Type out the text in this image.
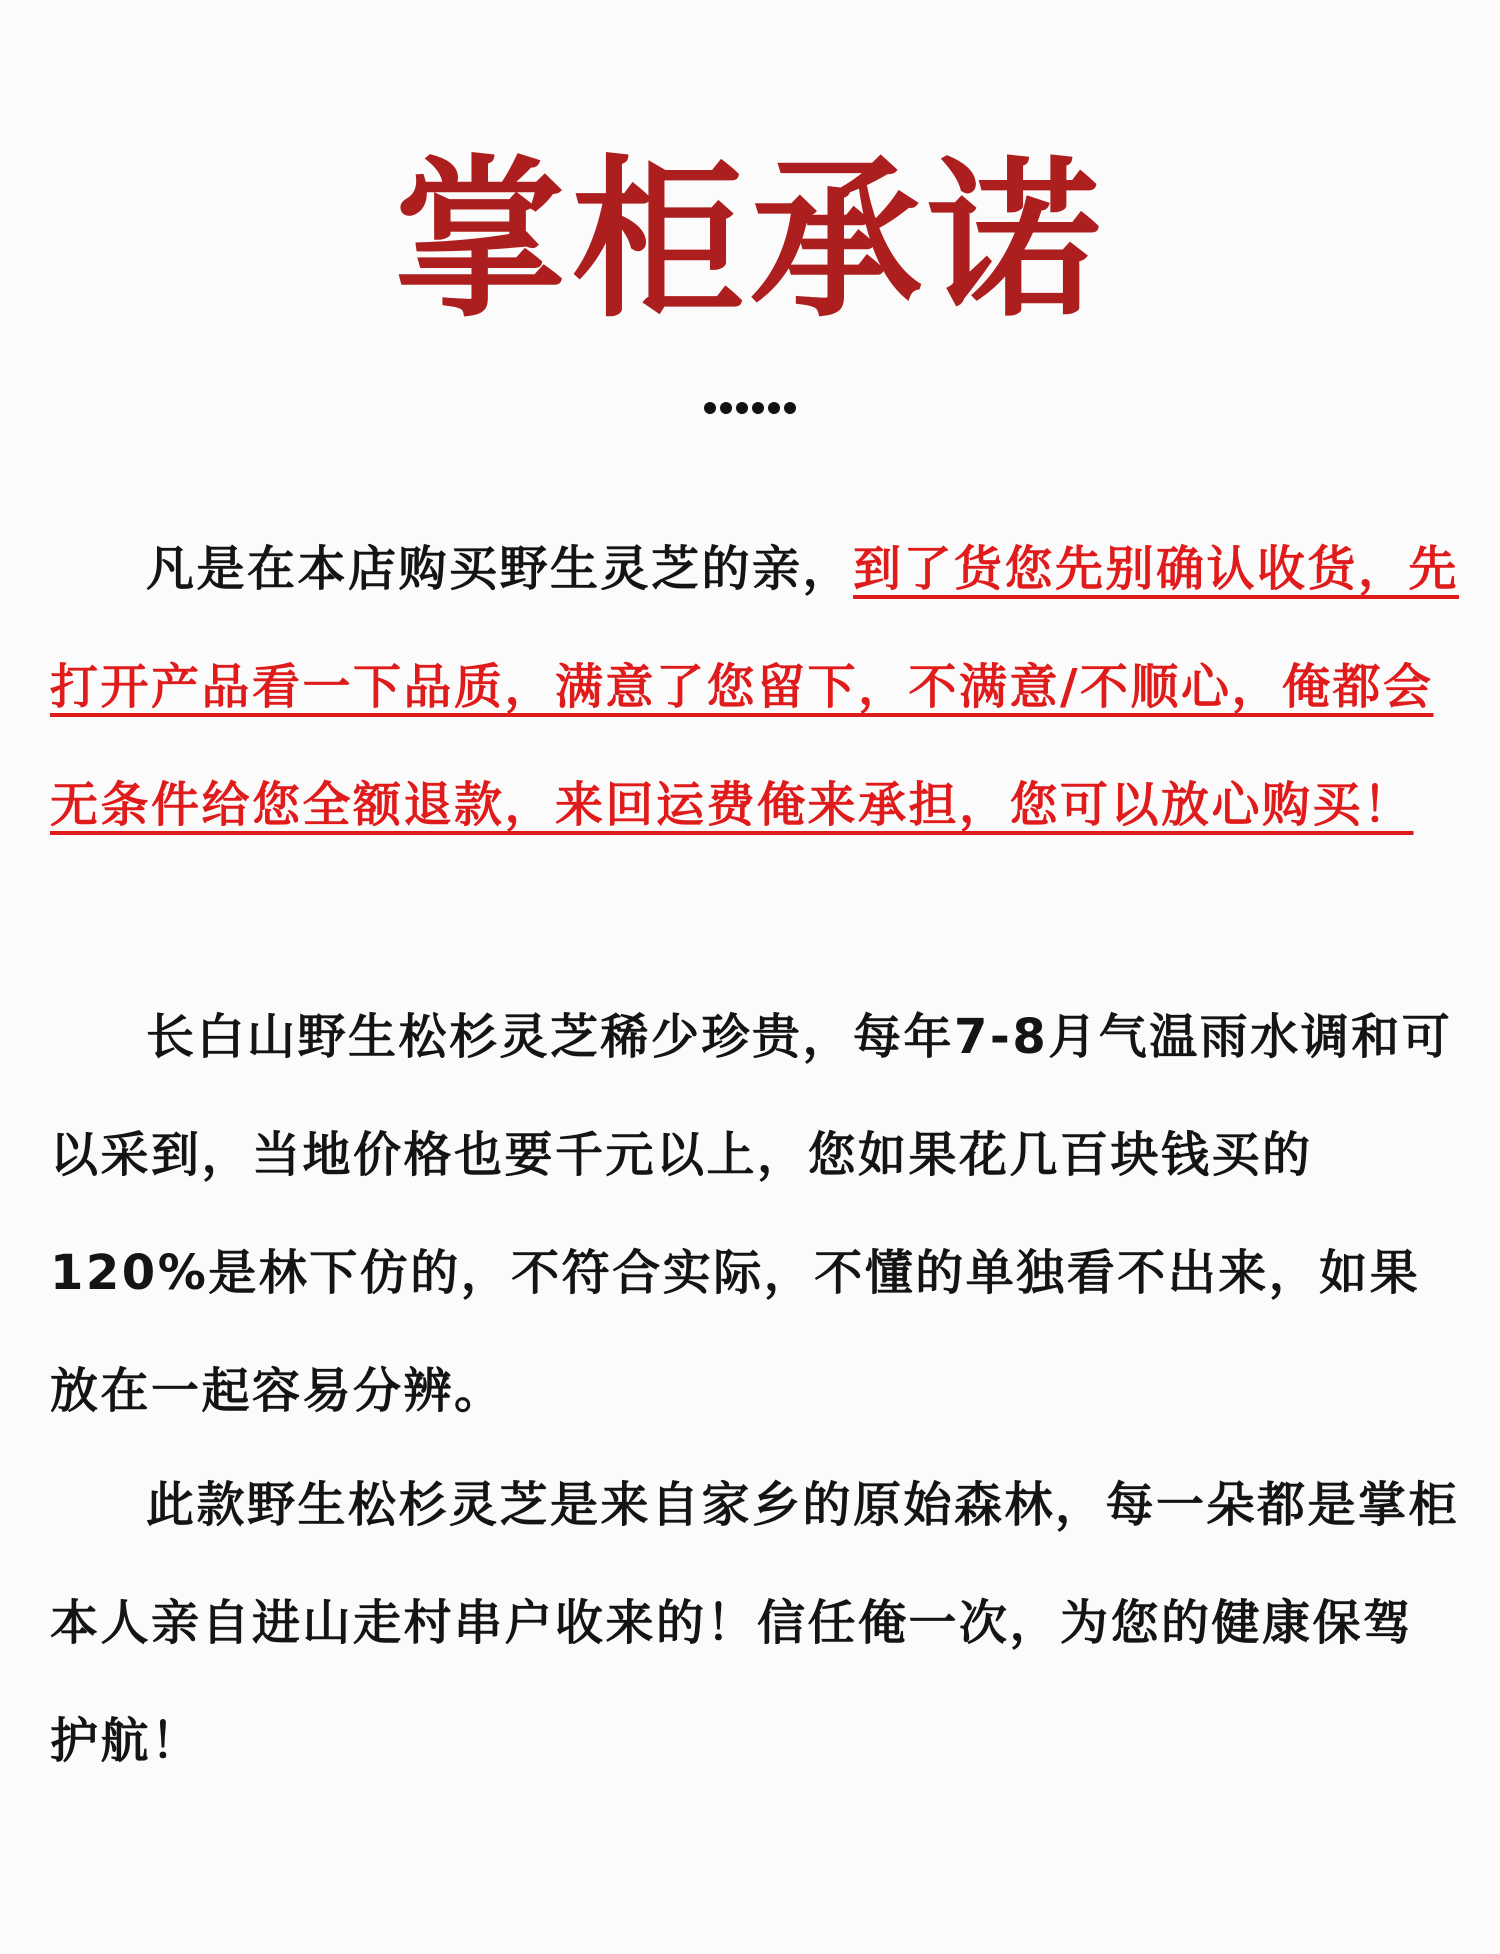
掌柜承诺

凡是在本店购买野生灵芝的亲，到了货您先别确认收货，先打开产品看一下品质，满意了您留下，不满意/不顺心，俺都会无条件给您全额退款，来回运费俺来承担，您可以放心购买！

长白山野生松杉灵芝稀少珍贵，每年7-8月气温雨水调和可以采到，当地价格也要千元以上，您如果花几百块钱买的120%是林下仿的，不符合实际，不懂的单独看不出来，如果放在一起容易分辨。

此款野生松杉灵芝是来自家乡的原始森林，每一朵都是掌柜本人亲自进山走村串户收来的！信任俺一次，为您的健康保驾护航！
